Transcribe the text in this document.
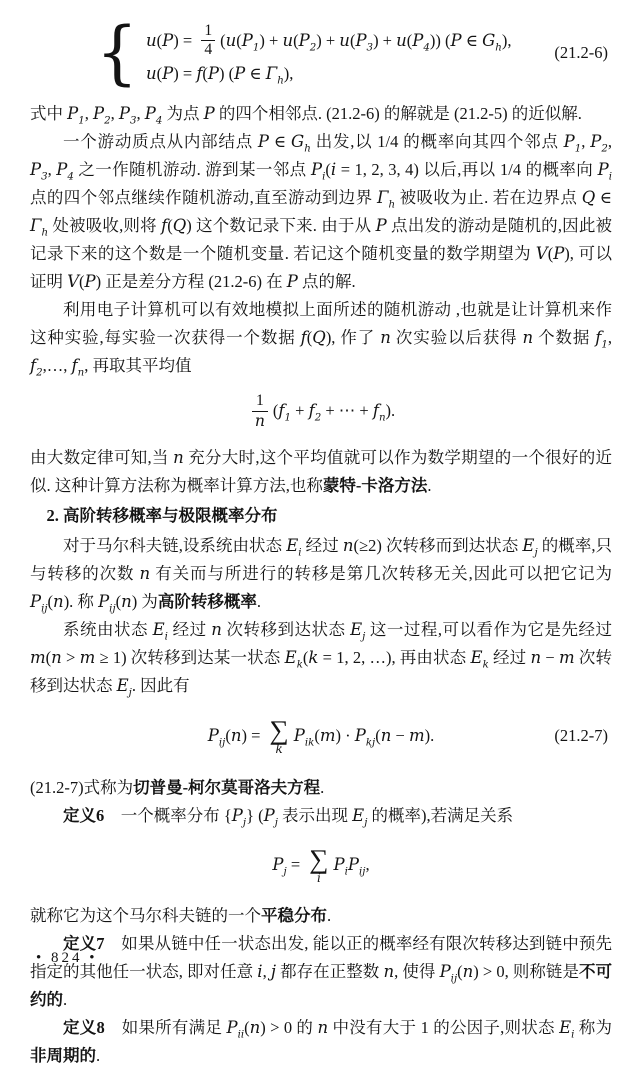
{ $u(P) = \frac{1}{4} (u(P_1) + u(P_2) + u(P_3) + u(P_4))$ (P ∈ $G_h$),
u(P) = f(P) (P ∈ $\Gamma_h$),
(21.2-6)

式中 $P_1$, $P_2$, $P_3$, $P_4$ 为点 P 的四个相邻点. (21.2-6) 的解就是 (21.2-5) 的近似解.

一个游动质点从内部结点 P ∈ $G_h$ 出发,以 1/4 的概率向其四个邻点 $P_1$, $P_2$, $P_3$, $P_4$ 之一作随机游动. 游到某一邻点 $P_i(i = 1$, 2, 3, 4) 以后,再以 1/4 的概率向 $P_i$ 点的四个邻点继续作随机游动,直至游动到边界 $\Gamma_h$ 被吸收为止. 若在边界点 Q ∈ $\Gamma_h$ 处被吸收,则将 f(Q) 这个数记录下来. 由于从 P 点出发的游动是随机的,因此被记录下来的这个数是一个随机变量. 若记这个随机变量的数学期望为 V(P), 可以证明 V(P) 正是差分方程 (21.2-6) 在 P 点的解.

利用电子计算机可以有效地模拟上面所述的随机游动 ,也就是让计算机来作这种实验,每实验一次获得一个数据 f(Q), 作了 n 次实验以后获得 n 个数据 $f_1$, $f_2,\dots$, $f_n$, 再取其平均值

$\frac{1}{n} (f_1 + f_2$ + ⋯ + $f_n$).

由大数定律可知,当 n 充分大时,这个平均值就可以作为数学期望的一个很好的近似. 这种计算方法称为概率计算方法,也称蒙特-卡洛方法.

2. 高阶转移概率与极限概率分布

对于马尔科夫链,设系统由状态 $E_i$ 经过 n(≥2) 次转移而到达状态 $E_j$ 的概率,只与转移的次数 n 有关而与所进行的转移是第几次转移无关,因此可以把它记为 $P_{ij}(n)$. 称 $P_{ij}(n)$ 为高阶转移概率.

系统由状态 $E_i$ 经过 n 次转移到达状态 $E_j$ 这一过程,可以看作为它是先经过 m(n > m ≥ 1) 次转移到达某一状态 $E_k(k = 1$, 2, …), 再由状态 $E_k$ 经过 n − m 次转移到达状态 $E_j$. 因此有

$P_{ij}(n)$ = ∑
k
$P_{ik}(m) \cdot P_{kj}(n - m)$.	(21.2-7)

(21.2-7)式称为切普曼-柯尔莫哥洛夫方程.

定义6　一个概率分布 $\{P_j\}$ ($P_j$ 表示出现 $E_j$ 的概率),若满足关系

$P_j$ = ∑
i
$P_iP_{ij}$,

就称它为这个马尔科夫链的一个平稳分布.

定义7　如果从链中任一状态出发, 能以正的概率经有限次转移达到链中预先指定的其他任一状态, 即对任意 i, j 都存在正整数 n, 使得 $P_{ij}(n) > 0$, 则称链是不可约的.

定义8　如果所有满足 $P_{ii}(n) > 0$ 的 n 中没有大于 1 的公因子,则状态 $E_i$ 称为非周期的.

• 824 •
